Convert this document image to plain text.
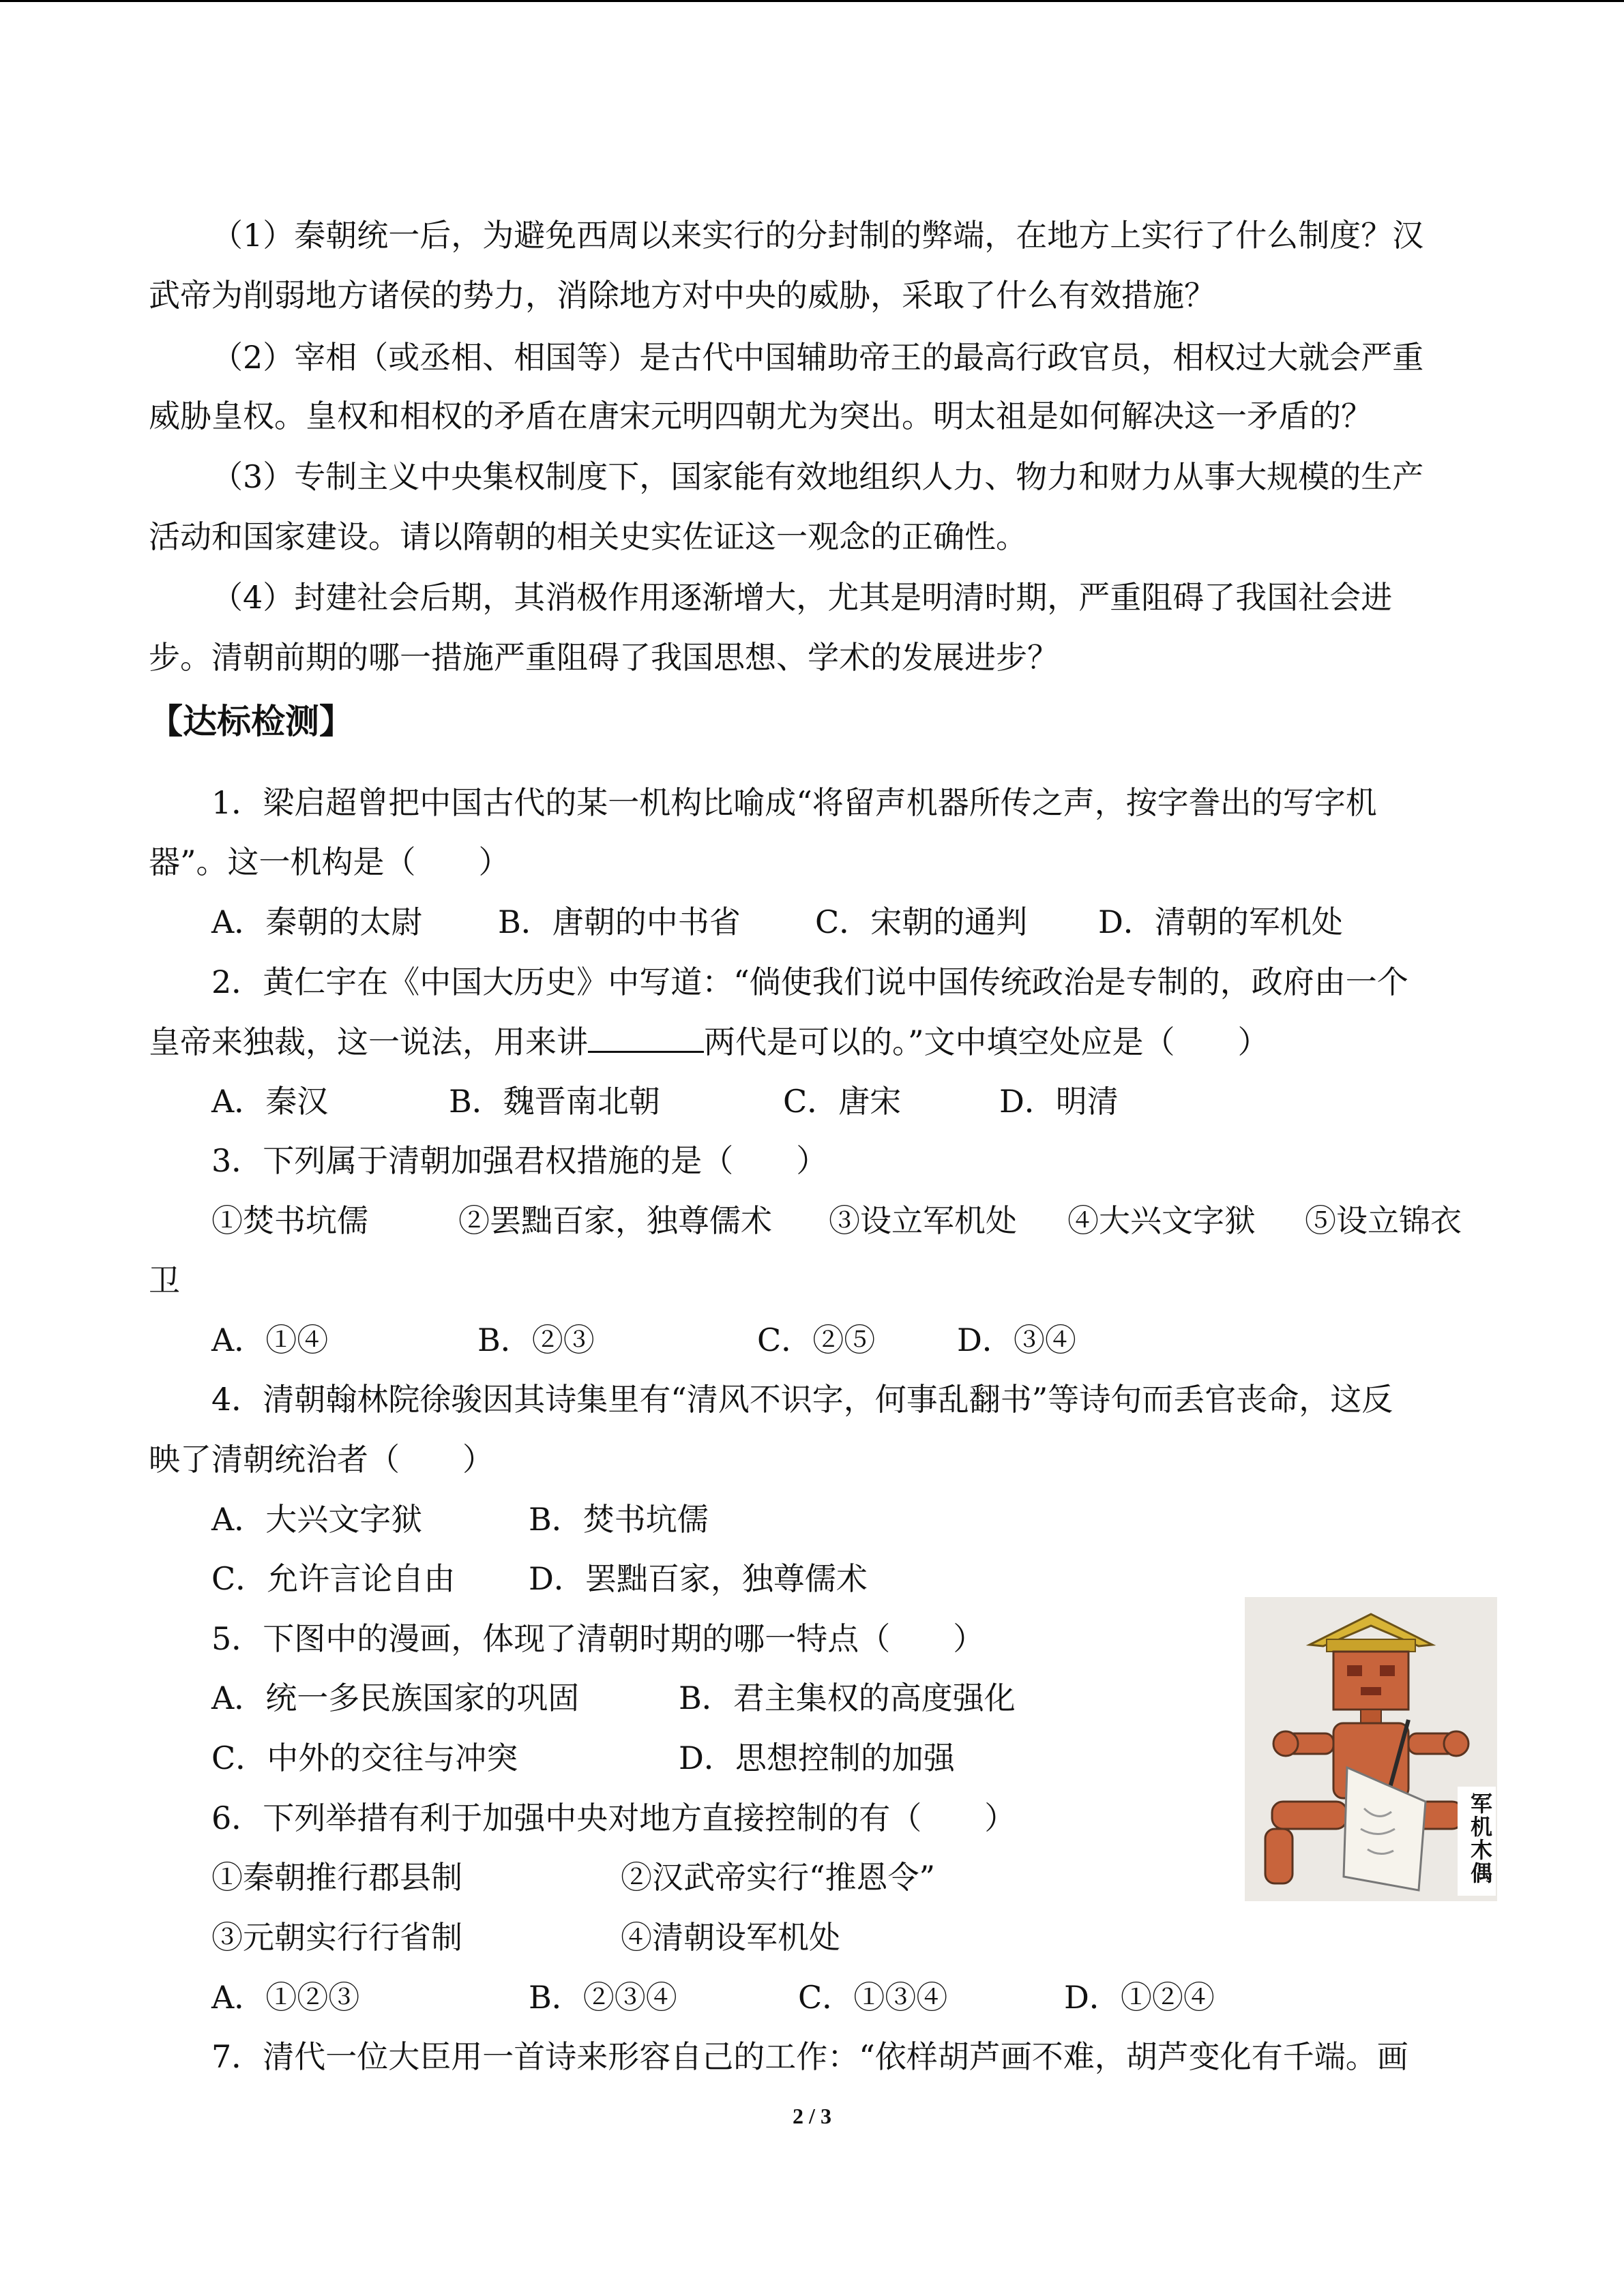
（1）秦朝统一后，为避免西周以来实行的分封制的弊端，在地方上实行了什么制度？汉
武帝为削弱地方诸侯的势力，消除地方对中央的威胁，采取了什么有效措施？
（2）宰相（或丞相、相国等）是古代中国辅助帝王的最高行政官员，相权过大就会严重
威胁皇权。皇权和相权的矛盾在唐宋元明四朝尤为突出。明太祖是如何解决这一矛盾的？
（3）专制主义中央集权制度下，国家能有效地组织人力、物力和财力从事大规模的生产
活动和国家建设。请以隋朝的相关史实佐证这一观念的正确性。
（4）封建社会后期，其消极作用逐渐增大，尤其是明清时期，严重阻碍了我国社会进
步。清朝前期的哪一措施严重阻碍了我国思想、学术的发展进步？
【达标检测】
1．梁启超曾把中国古代的某一机构比喻成“将留声机器所传之声，按字誊出的写字机
器”。这一机构是（　　）
A．秦朝的太尉 B．唐朝的中书省 C．宋朝的通判 D．清朝的军机处
2．黄仁宇在《中国大历史》中写道：“倘使我们说中国传统政治是专制的，政府由一个
皇帝来独裁，这一说法，用来讲	两代是可以的。”文中填空处应是（　　）
A．秦汉	B．魏晋南北朝	C．唐宋	D．明清
3．下列属于清朝加强君权措施的是（　　）
①焚书坑儒	②罢黜百家，独尊儒术 ③设立军机处 ④大兴文字狱 ⑤设立锦衣
卫
A．①④	B．②③	C．②⑤	D．③④
4．清朝翰林院徐骏因其诗集里有“清风不识字，何事乱翻书”等诗句而丢官丧命，这反
映了清朝统治者（　　）
A．大兴文字狱	B．焚书坑儒
C．允许言论自由 D．罢黜百家，独尊儒术
5．下图中的漫画，体现了清朝时期的哪一特点（　　）
A．统一多民族国家的巩固	B．君主集权的高度强化
C．中外的交往与冲突	D．思想控制的加强
6．下列举措有利于加强中央对地方直接控制的有（　　）
①秦朝推行郡县制	②汉武帝实行“推恩令”
③元朝实行行省制	④清朝设军机处
A．①②③	B．②③④	C．①③④	D．①②④
7．清代一位大臣用一首诗来形容自己的工作：“依样胡芦画不难，胡芦变化有千端。画
军机木偶
2 / 3
